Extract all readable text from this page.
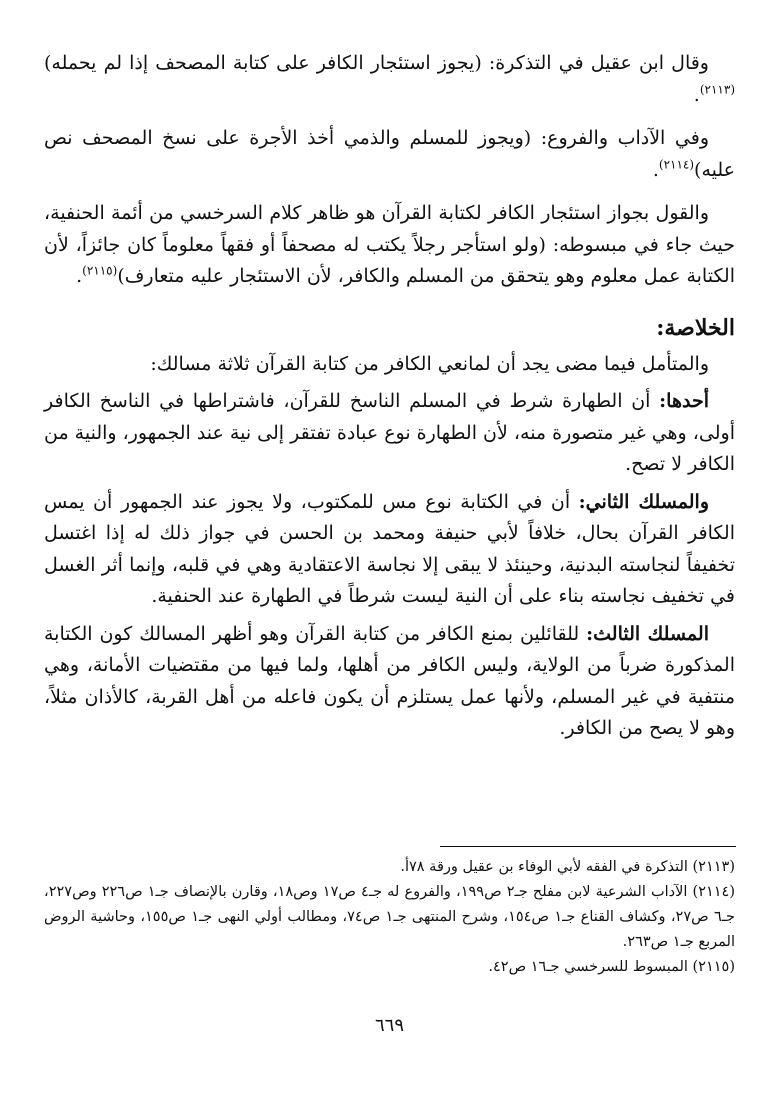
وقال ابن عقيل في التذكرة: (يجوز استئجار الكافر على كتابة المصحف إذا لم يحمله)$^{(٢١١٣)}$.

وفي الآداب والفروع: (ويجوز للمسلم والذمي أخذ الأجرة على نسخ المصحف نص عليه)$^{(٢١١٤)}$.

والقول بجواز استئجار الكافر لكتابة القرآن هو ظاهر كلام السرخسي من أئمة الحنفية، حيث جاء في مبسوطه: (ولو استأجر رجلاً يكتب له مصحفاً أو فقهاً معلوماً كان جائزاً، لأن الكتابة عمل معلوم وهو يتحقق من المسلم والكافر، لأن الاستئجار عليه متعارف)$^{(٢١١٥)}$.

الخلاصة:

والمتأمل فيما مضى يجد أن لمانعي الكافر من كتابة القرآن ثلاثة مسالك:

أحدها: أن الطهارة شرط في المسلم الناسخ للقرآن، فاشتراطها في الناسخ الكافر أولى، وهي غير متصورة منه، لأن الطهارة نوع عبادة تفتقر إلى نية عند الجمهور، والنية من الكافر لا تصح.

والمسلك الثاني: أن في الكتابة نوع مس للمكتوب، ولا يجوز عند الجمهور أن يمس الكافر القرآن بحال، خلافاً لأبي حنيفة ومحمد بن الحسن في جواز ذلك له إذا اغتسل تخفيفاً لنجاسته البدنية، وحينئذ لا يبقى إلا نجاسة الاعتقادية وهي في قلبه، وإنما أثر الغسل في تخفيف نجاسته بناء على أن النية ليست شرطاً في الطهارة عند الحنفية.

المسلك الثالث: للقائلين بمنع الكافر من كتابة القرآن وهو أظهر المسالك كون الكتابة المذكورة ضرباً من الولاية، وليس الكافر من أهلها، ولما فيها من مقتضيات الأمانة، وهي منتفية في غير المسلم، ولأنها عمل يستلزم أن يكون فاعله من أهل القربة، كالأذان مثلاً، وهو لا يصح من الكافر.

(٢١١٣) التذكرة في الفقه لأبي الوفاء بن عقيل ورقة ٧٨أ.

(٢١١٤) الآداب الشرعية لابن مفلح جـ٢ ص١٩٩، والفروع له جـ٤ ص١٧ وص١٨، وقارن بالإنصاف جـ١ ص٢٢٦ وص٢٢٧، جـ٦ ص٢٧، وكشاف القناع جـ١ ص١٥٤، وشرح المنتهى جـ١ ص٧٤، ومطالب أولي النهى جـ١ ص١٥٥، وحاشية الروض المربع جـ١ ص٢٦٣.

(٢١١٥) المبسوط للسرخسي جـ١٦ ص٤٢.

٦٦٩
